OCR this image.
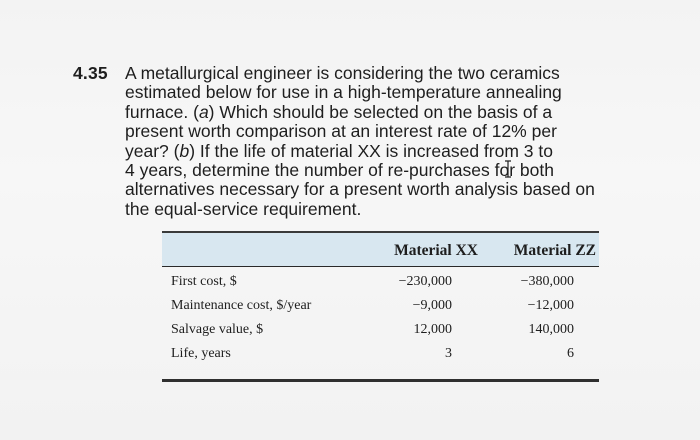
4.35 A metallurgical engineer is considering the two ceramics
estimated below for use in a high-temperature annealing
furnace. (a) Which should be selected on the basis of a
present worth comparison at an interest rate of 12% per
year? (b) If the life of material XX is increased from 3 to
4 years, determine the number of re-purchases for both
alternatives necessary for a present worth analysis based on
the equal-service requirement.
Material XX Material ZZ
First cost, $	−230,000	−380,000
Maintenance cost, $/year	−9,000	−12,000
Salvage value, $	12,000	140,000
Life, years	3	6
